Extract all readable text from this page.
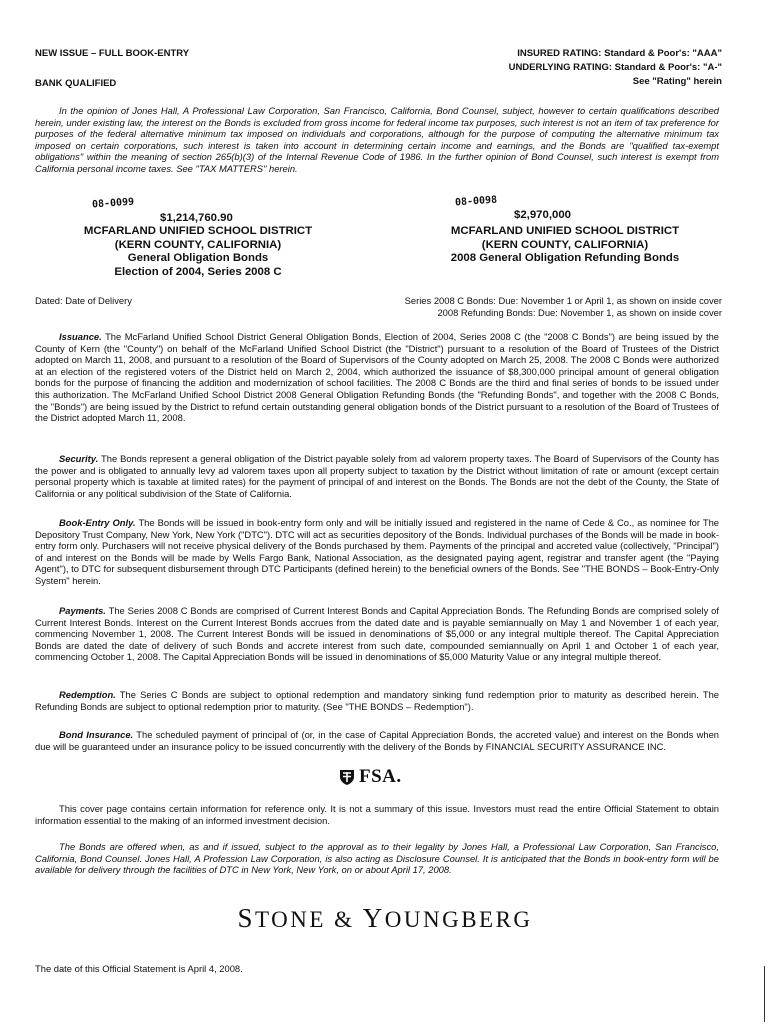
NEW ISSUE – FULL BOOK-ENTRY
BANK QUALIFIED
INSURED RATING: Standard & Poor's: "AAA"
UNDERLYING RATING: Standard & Poor's: "A-"
See "Rating" herein
In the opinion of Jones Hall, A Professional Law Corporation, San Francisco, California, Bond Counsel, subject, however to certain qualifications described herein, under existing law, the interest on the Bonds is excluded from gross income for federal income tax purposes, such interest is not an item of tax preference for purposes of the federal alternative minimum tax imposed on individuals and corporations, although for the purpose of computing the alternative minimum tax imposed on certain corporations, such interest is taken into account in determining certain income and earnings, and the Bonds are "qualified tax-exempt obligations" within the meaning of section 265(b)(3) of the Internal Revenue Code of 1986. In the further opinion of Bond Counsel, such interest is exempt from California personal income taxes. See "TAX MATTERS" herein.
08-0099
$1,214,760.90
MCFARLAND UNIFIED SCHOOL DISTRICT
(KERN COUNTY, CALIFORNIA)
General Obligation Bonds
Election of 2004, Series 2008 C
08-0098
$2,970,000
MCFARLAND UNIFIED SCHOOL DISTRICT
(KERN COUNTY, CALIFORNIA)
2008 General Obligation Refunding Bonds
Dated: Date of Delivery	Series 2008 C Bonds: Due: November 1 or April 1, as shown on inside cover
2008 Refunding Bonds: Due: November 1, as shown on inside cover
Issuance. The McFarland Unified School District General Obligation Bonds, Election of 2004, Series 2008 C (the "2008 C Bonds") are being issued by the County of Kern (the "County") on behalf of the McFarland Unified School District (the "District") pursuant to a resolution of the Board of Trustees of the District adopted on March 11, 2008, and pursuant to a resolution of the Board of Supervisors of the County adopted on March 25, 2008. The 2008 C Bonds were authorized at an election of the registered voters of the District held on March 2, 2004, which authorized the issuance of $8,300,000 principal amount of general obligation bonds for the purpose of financing the addition and modernization of school facilities. The 2008 C Bonds are the third and final series of bonds to be issued under this authorization. The McFarland Unified School District 2008 General Obligation Refunding Bonds (the "Refunding Bonds", and together with the 2008 C Bonds, the "Bonds") are being issued by the District to refund certain outstanding general obligation bonds of the District pursuant to a resolution of the Board of Trustees of the District adopted March 11, 2008.
Security. The Bonds represent a general obligation of the District payable solely from ad valorem property taxes. The Board of Supervisors of the County has the power and is obligated to annually levy ad valorem taxes upon all property subject to taxation by the District without limitation of rate or amount (except certain personal property which is taxable at limited rates) for the payment of principal of and interest on the Bonds. The Bonds are not the debt of the County, the State of California or any political subdivision of the State of California.
Book-Entry Only. The Bonds will be issued in book-entry form only and will be initially issued and registered in the name of Cede & Co., as nominee for The Depository Trust Company, New York, New York ("DTC"). DTC will act as securities depository of the Bonds. Individual purchases of the Bonds will be made in book-entry form only. Purchasers will not receive physical delivery of the Bonds purchased by them. Payments of the principal and accreted value (collectively, "Principal") of and interest on the Bonds will be made by Wells Fargo Bank, National Association, as the designated paying agent, registrar and transfer agent (the "Paying Agent"), to DTC for subsequent disbursement through DTC Participants (defined herein) to the beneficial owners of the Bonds. See "THE BONDS – Book-Entry-Only System" herein.
Payments. The Series 2008 C Bonds are comprised of Current Interest Bonds and Capital Appreciation Bonds. The Refunding Bonds are comprised solely of Current Interest Bonds. Interest on the Current Interest Bonds accrues from the dated date and is payable semiannually on May 1 and November 1 of each year, commencing November 1, 2008. The Current Interest Bonds will be issued in denominations of $5,000 or any integral multiple thereof. The Capital Appreciation Bonds are dated the date of delivery of such Bonds and accrete interest from such date, compounded semiannually on April 1 and October 1 of each year, commencing October 1, 2008. The Capital Appreciation Bonds will be issued in denominations of $5,000 Maturity Value or any integral multiple thereof.
Redemption. The Series C Bonds are subject to optional redemption and mandatory sinking fund redemption prior to maturity as described herein. The Refunding Bonds are subject to optional redemption prior to maturity. (See "THE BONDS – Redemption").
Bond Insurance. The scheduled payment of principal of (or, in the case of Capital Appreciation Bonds, the accreted value) and interest on the Bonds when due will be guaranteed under an insurance policy to be issued concurrently with the delivery of the Bonds by FINANCIAL SECURITY ASSURANCE INC.
FSA.
This cover page contains certain information for reference only. It is not a summary of this issue. Investors must read the entire Official Statement to obtain information essential to the making of an informed investment decision.
The Bonds are offered when, as and if issued, subject to the approval as to their legality by Jones Hall, a Professional Law Corporation, San Francisco, California, Bond Counsel. Jones Hall, A Profession Law Corporation, is also acting as Disclosure Counsel. It is anticipated that the Bonds in book-entry form will be available for delivery through the facilities of DTC in New York, New York, on or about April 17, 2008.
STONE & YOUNGBERG
The date of this Official Statement is April 4, 2008.
